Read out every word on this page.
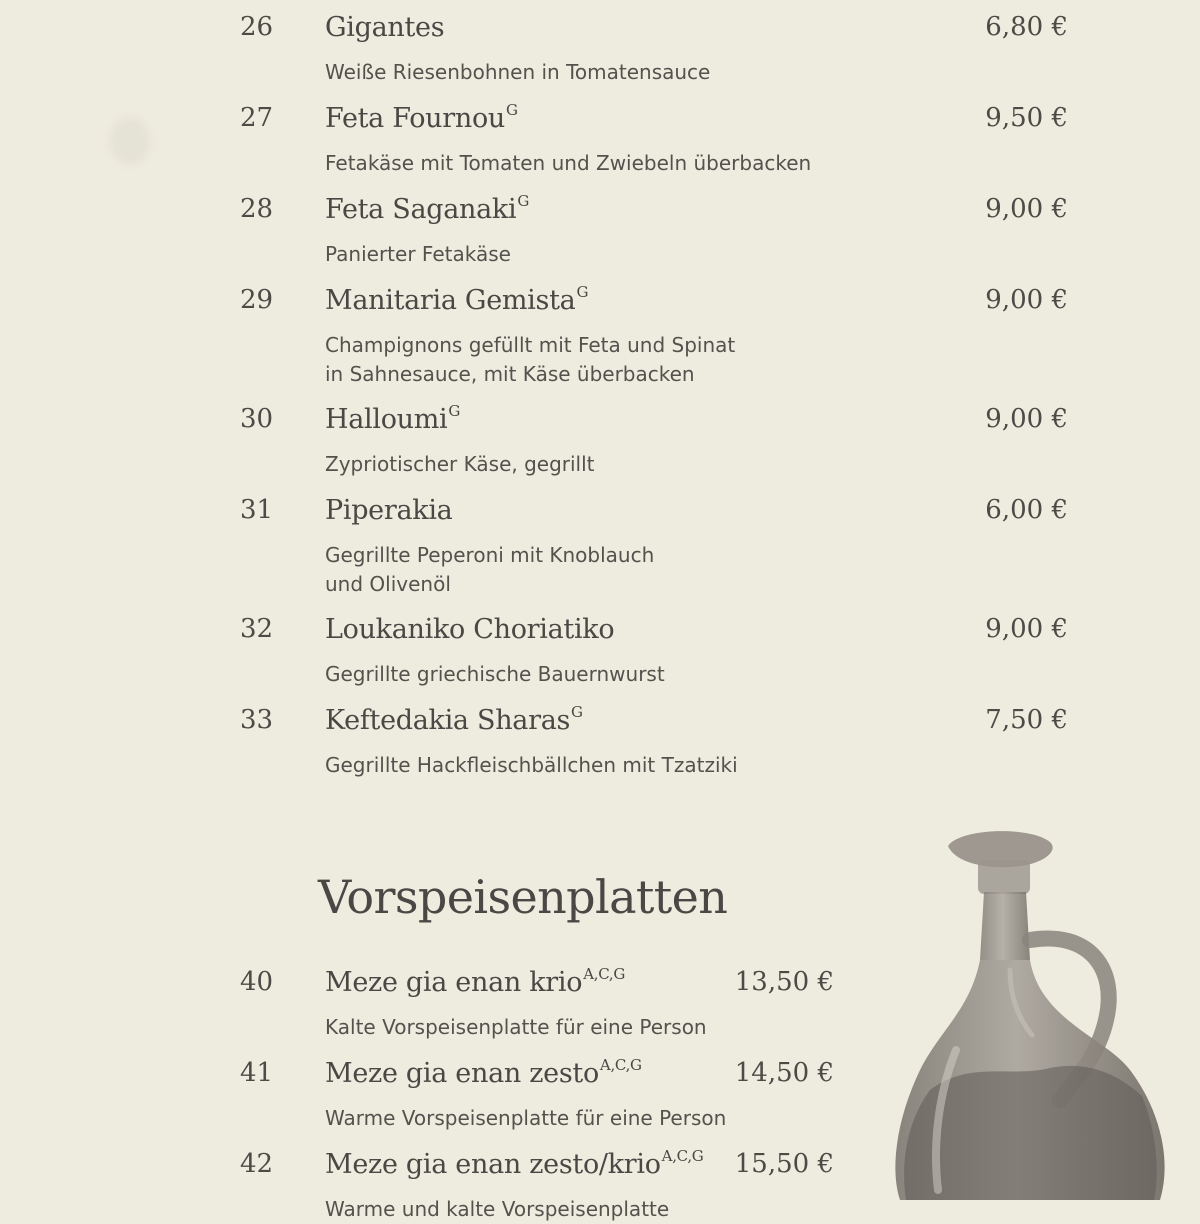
26 Gigantes	6,80 €
Weiße Riesenbohnen in Tomatensauce
27 Feta Fournou$^G$	9,50 €
Fetakäse mit Tomaten und Zwiebeln überbacken
28 Feta Saganaki$^G$	9,00 €
Panierter Fetakäse
29 Manitaria Gemista$^G$	9,00 €
Champignons gefüllt mit Feta und Spinat
in Sahnesauce, mit Käse überbacken
30 Halloumi$^G$	9,00 €
Zypriotischer Käse, gegrillt
31 Piperakia	6,00 €
Gegrillte Peperoni mit Knoblauch
und Olivenöl
32 Loukaniko Choriatiko	9,00 €
Gegrillte griechische Bauernwurst
33 Keftedakia Sharas$^G$	7,50 €
Gegrillte Hackfleischbällchen mit Tzatziki
Vorspeisenplatten
40 Meze gia enan krio$^{A,C,G}$	13,50 €
Kalte Vorspeisenplatte für eine Person
41 Meze gia enan zesto$^{A,C,G}$	14,50 €
Warme Vorspeisenplatte für eine Person
42 Meze gia enan zesto/krio$^{A,C,G}$	15,50 €
Warme und kalte Vorspeisenplatte
